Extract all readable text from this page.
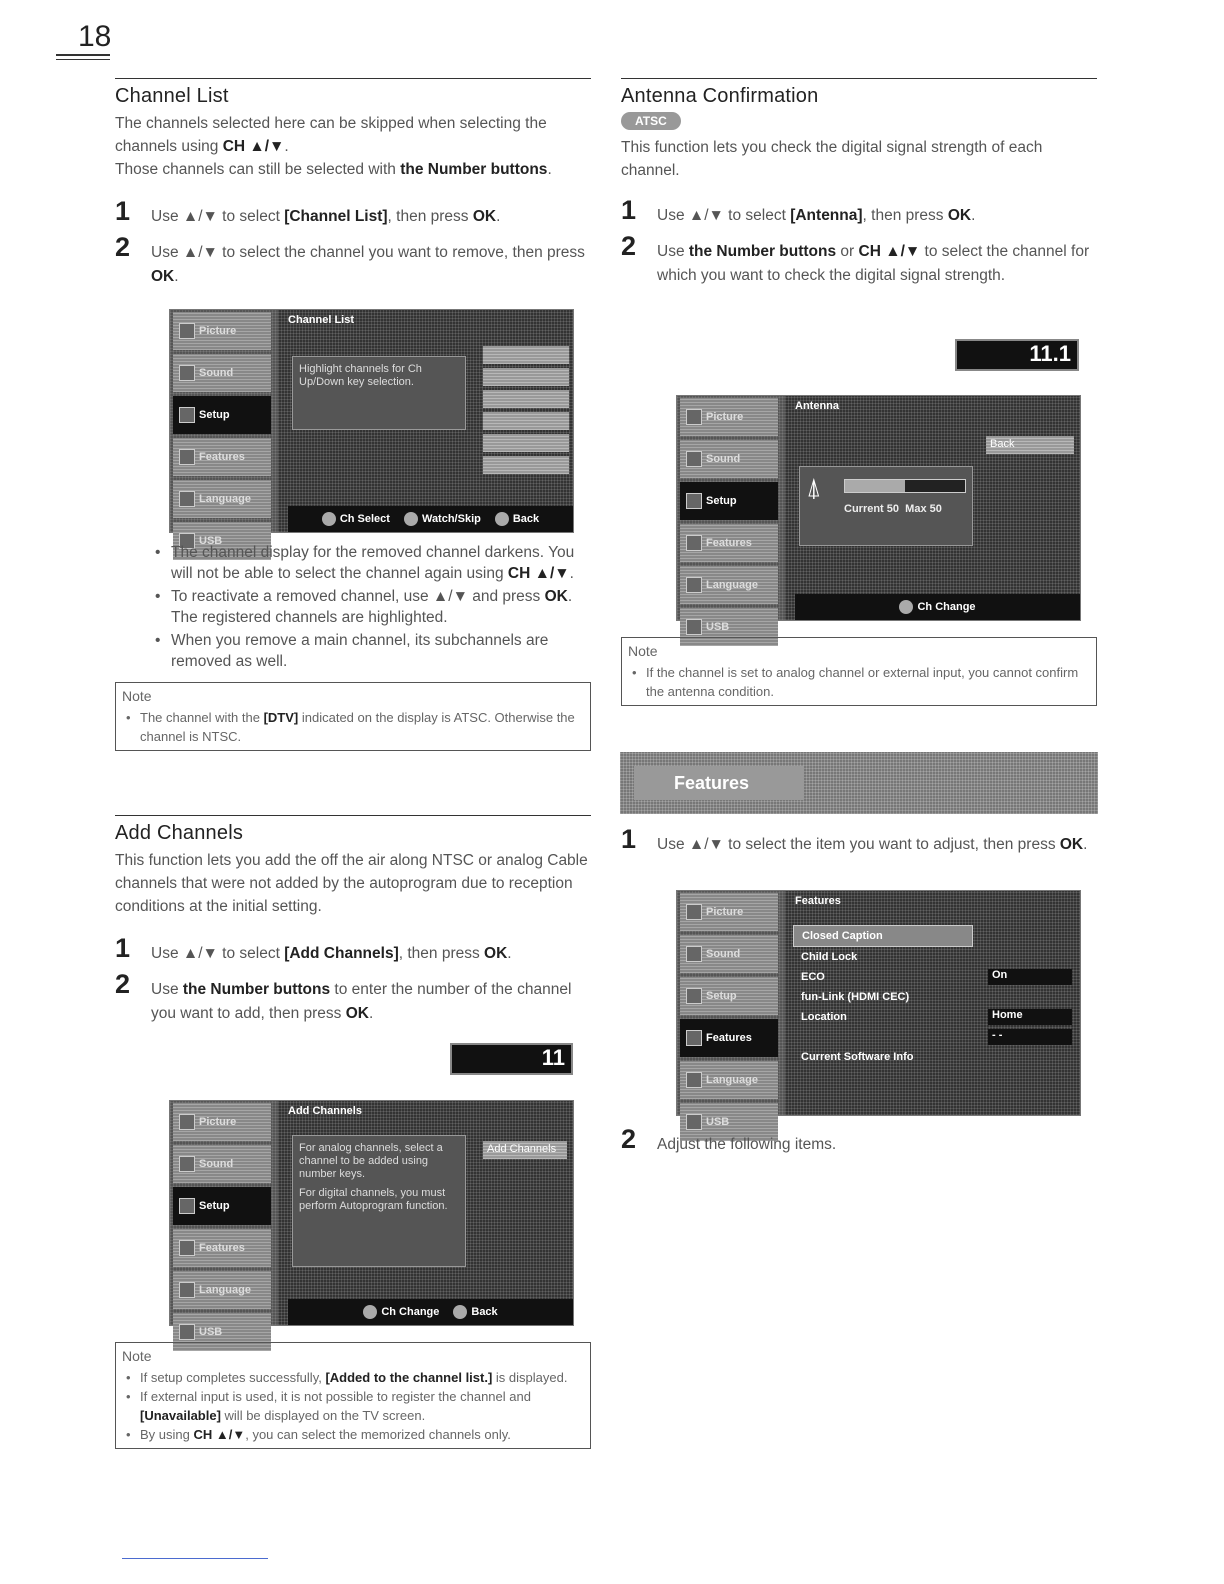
18
Channel List

The channels selected here can be skipped when selecting the channels using CH ▲/▼.
Those channels can still be selected with the Number buttons.

1 Use ▲/▼ to select [Channel List], then press OK.
2 Use ▲/▼ to select the channel you want to remove, then press OK.
Picture
Sound
Setup
Features
Language
USB
Channel List
Highlight channels for Ch Up/Down key selection.
Ch Select	Watch/Skip	Back
• The channel display for the removed channel darkens. You will not be able to select the channel again using CH ▲/▼.
• To reactivate a removed channel, use ▲/▼ and press OK. The registered channels are highlighted.
• When you remove a main channel, its subchannels are removed as well.
Note
• The channel with the [DTV] indicated on the display is ATSC. Otherwise the channel is NTSC.
Add Channels

This function lets you add the off the air along NTSC or analog Cable channels that were not added by the autoprogram due to reception conditions at the initial setting.

1 Use ▲/▼ to select [Add Channels], then press OK.
2 Use the Number buttons to enter the number of the channel you want to add, then press OK.
11
Picture
Sound
Setup
Features
Language
USB
Add Channels
Add Channels
For analog channels, select a channel to be added using number keys.
For digital channels, you must perform Autoprogram function.
Ch Change	Back
Note
• If setup completes successfully, [Added to the channel list.] is displayed.
• If external input is used, it is not possible to register the channel and [Unavailable] will be displayed on the TV screen.
• By using CH ▲/▼, you can select the memorized channels only.
Antenna Confirmation
ATSC

This function lets you check the digital signal strength of each channel.

1 Use ▲/▼ to select [Antenna], then press OK.
2 Use the Number buttons or CH ▲/▼ to select the channel for which you want to check the digital signal strength.
11.1
Picture
Sound
Setup
Features
Language
USB
Antenna
Back
⍋
Current 50 Max 50
Ch Change
Note
• If the channel is set to analog channel or external input, you cannot confirm the antenna condition.
Features
1 Use ▲/▼ to select the item you want to adjust, then press OK.
Picture
Sound
Setup
Features
Language
USB
Features
Closed Caption
Child Lock
ECO	On
fun-Link (HDMI CEC)
Location	Home
- -
Current Software Info
2 Adjust the following items.
